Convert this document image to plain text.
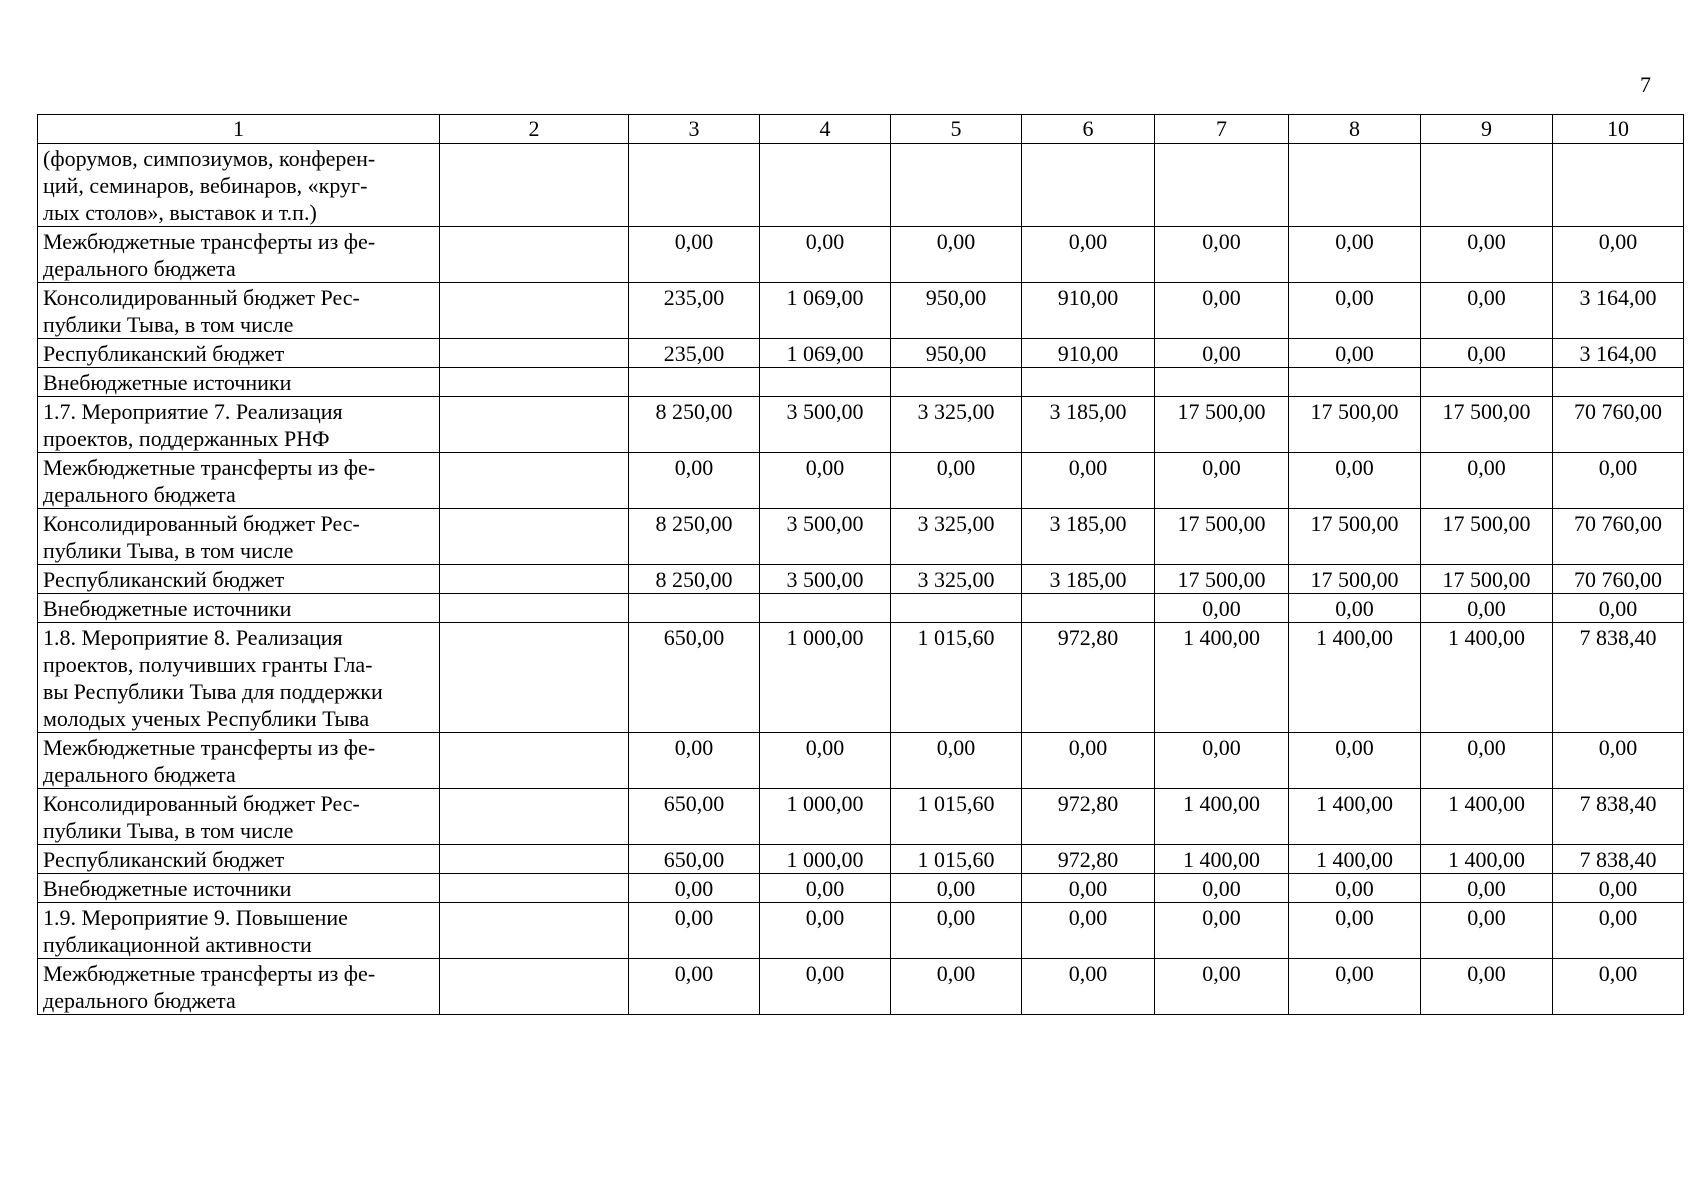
7
1	2	3	4	5	6	7	8	9	10
(форумов, симпозиумов, конферен-
ций, семинаров, вебинаров, «круг-
лых столов», выставок и т.п.)									
Межбюджетные трансферты из фе-
дерального бюджета		0,00	0,00	0,00	0,00	0,00	0,00	0,00	0,00
Консолидированный бюджет Рес-
публики Тыва, в том числе		235,00	1 069,00	950,00	910,00	0,00	0,00	0,00	3 164,00
Республиканский бюджет		235,00	1 069,00	950,00	910,00	0,00	0,00	0,00	3 164,00
Внебюджетные источники									
1.7. Мероприятие 7. Реализация
проектов, поддержанных РНФ		8 250,00	3 500,00	3 325,00	3 185,00	17 500,00	17 500,00	17 500,00	70 760,00
Межбюджетные трансферты из фе-
дерального бюджета		0,00	0,00	0,00	0,00	0,00	0,00	0,00	0,00
Консолидированный бюджет Рес-
публики Тыва, в том числе		8 250,00	3 500,00	3 325,00	3 185,00	17 500,00	17 500,00	17 500,00	70 760,00
Республиканский бюджет		8 250,00	3 500,00	3 325,00	3 185,00	17 500,00	17 500,00	17 500,00	70 760,00
Внебюджетные источники						0,00	0,00	0,00	0,00
1.8. Мероприятие 8. Реализация
проектов, получивших гранты Гла-
вы Республики Тыва для поддержки
молодых ученых Республики Тыва		650,00	1 000,00	1 015,60	972,80	1 400,00	1 400,00	1 400,00	7 838,40
Межбюджетные трансферты из фе-
дерального бюджета		0,00	0,00	0,00	0,00	0,00	0,00	0,00	0,00
Консолидированный бюджет Рес-
публики Тыва, в том числе		650,00	1 000,00	1 015,60	972,80	1 400,00	1 400,00	1 400,00	7 838,40
Республиканский бюджет		650,00	1 000,00	1 015,60	972,80	1 400,00	1 400,00	1 400,00	7 838,40
Внебюджетные источники		0,00	0,00	0,00	0,00	0,00	0,00	0,00	0,00
1.9. Мероприятие 9. Повышение
публикационной активности		0,00	0,00	0,00	0,00	0,00	0,00	0,00	0,00
Межбюджетные трансферты из фе-
дерального бюджета		0,00	0,00	0,00	0,00	0,00	0,00	0,00	0,00
